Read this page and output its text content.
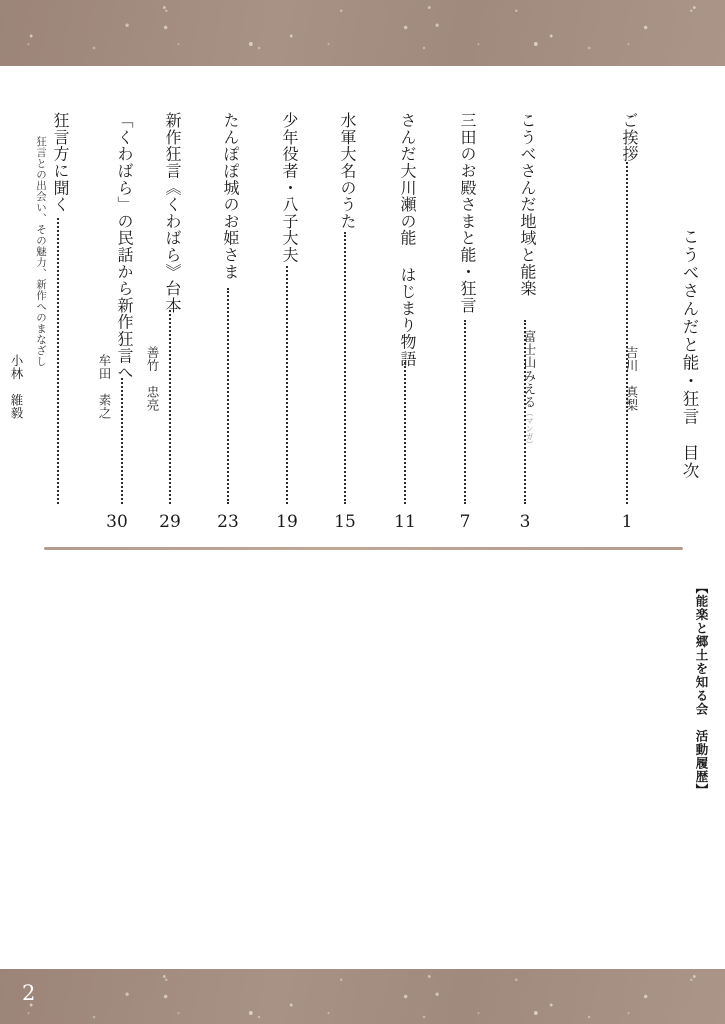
2
こうべさんだと能・狂言　目次
ご挨拶
吉川　真梨
1
こうべさんだ地域と能楽
富士山みえる（マンガ）
3
三田のお殿さまと能・狂言
7
さんだ大川瀬の能 はじまり物語
11
水軍大名のうた
15
少年役者・八子大夫
19
たんぽぽ城のお姫さま
23
新作狂言《くわばら》台本
善竹　忠亮
29
「くわばら」の民話から新作狂言へ
牟田　素之
30
狂言方に聞く
小林　維毅
狂言との出会い、その魅力、新作へのまなざし
【能楽と郷土を知る会　活動履歴】
